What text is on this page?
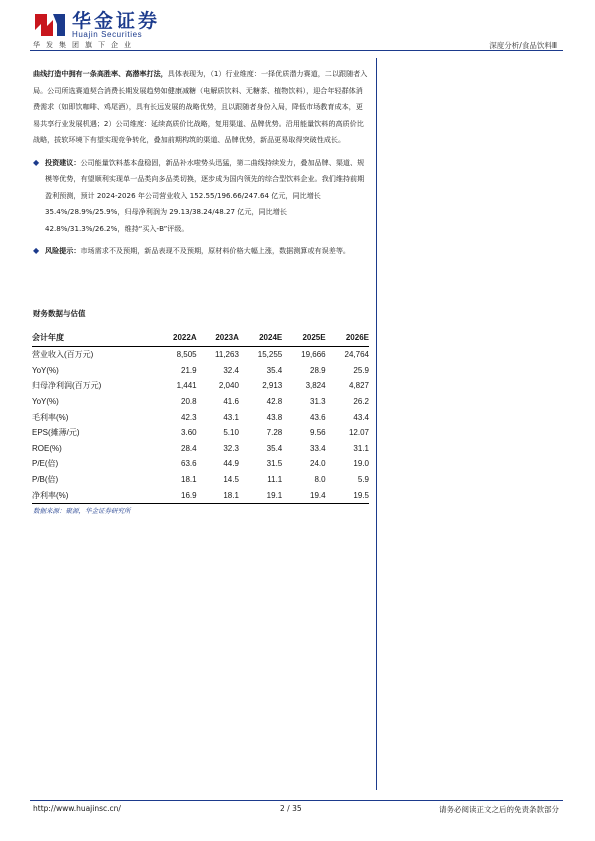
华金证券
Huajin Securities
华发集团旗下企业	深度分析/食品饮料Ⅲ

曲线打造中拥有一条高胜率、高潜率打法，具体表现为，（1）行业维度：一择优质潜力赛道，二以跟随者入局。公司所选赛道契合消费长期发展趋势如健康减糖（电解质饮料、无糖茶、植物饮料），迎合年轻群体消费需求（如即饮咖啡、鸡尾酒），具有长远发展的战略优势，且以跟随者身份入局，降低市场教育成本，更易共享行业发展机遇；2）公司维度：延续高质价比战略，复用渠道、品牌优势。沿用能量饮料的高质价比战略，拔软环境下有望实现竞争转化，叠加前期构筑的渠道、品牌优势，新品更易取得突破性成长。

◆ 投资建议：公司能量饮料基本盘稳固，新品补水啦势头迅猛，第二曲线持续发力，叠加品牌、渠道、规模等优势，有望顺利实现单一品类向多品类切换，逐步成为国内领先的综合型饮料企业。我们维持前期盈利预测，预计 2024-2026 年公司营业收入 152.55/196.66/247.64 亿元，同比增长 35.4%/28.9%/25.9%，归母净利润为 29.13/38.24/48.27 亿元，同比增长 42.8%/31.3%/26.2%，维持“买入-B”评级。
◆ 风险提示：市场需求不及预期，新品表现不及预期，原材料价格大幅上涨，数据测算或有误差等。
财务数据与估值
会计年度	2022A	2023A	2024E	2025E	2026E
营业收入(百万元)	8,505	11,263	15,255	19,666	24,764
YoY(%)	21.9	32.4	35.4	28.9	25.9
归母净利润(百万元)	1,441	2,040	2,913	3,824	4,827
YoY(%)	20.8	41.6	42.8	31.3	26.2
毛利率(%)	42.3	43.1	43.8	43.6	43.4
EPS(摊薄/元)	3.60	5.10	7.28	9.56	12.07
ROE(%)	28.4	32.3	35.4	33.4	31.1
P/E(倍)	63.6	44.9	31.5	24.0	19.0
P/B(倍)	18.1	14.5	11.1	8.0	5.9
净利率(%)	16.9	18.1	19.1	19.4	19.5
数据来源：聚源，华金证券研究所
http://www.huajinsc.cn/	2 / 35	请务必阅读正文之后的免责条款部分
